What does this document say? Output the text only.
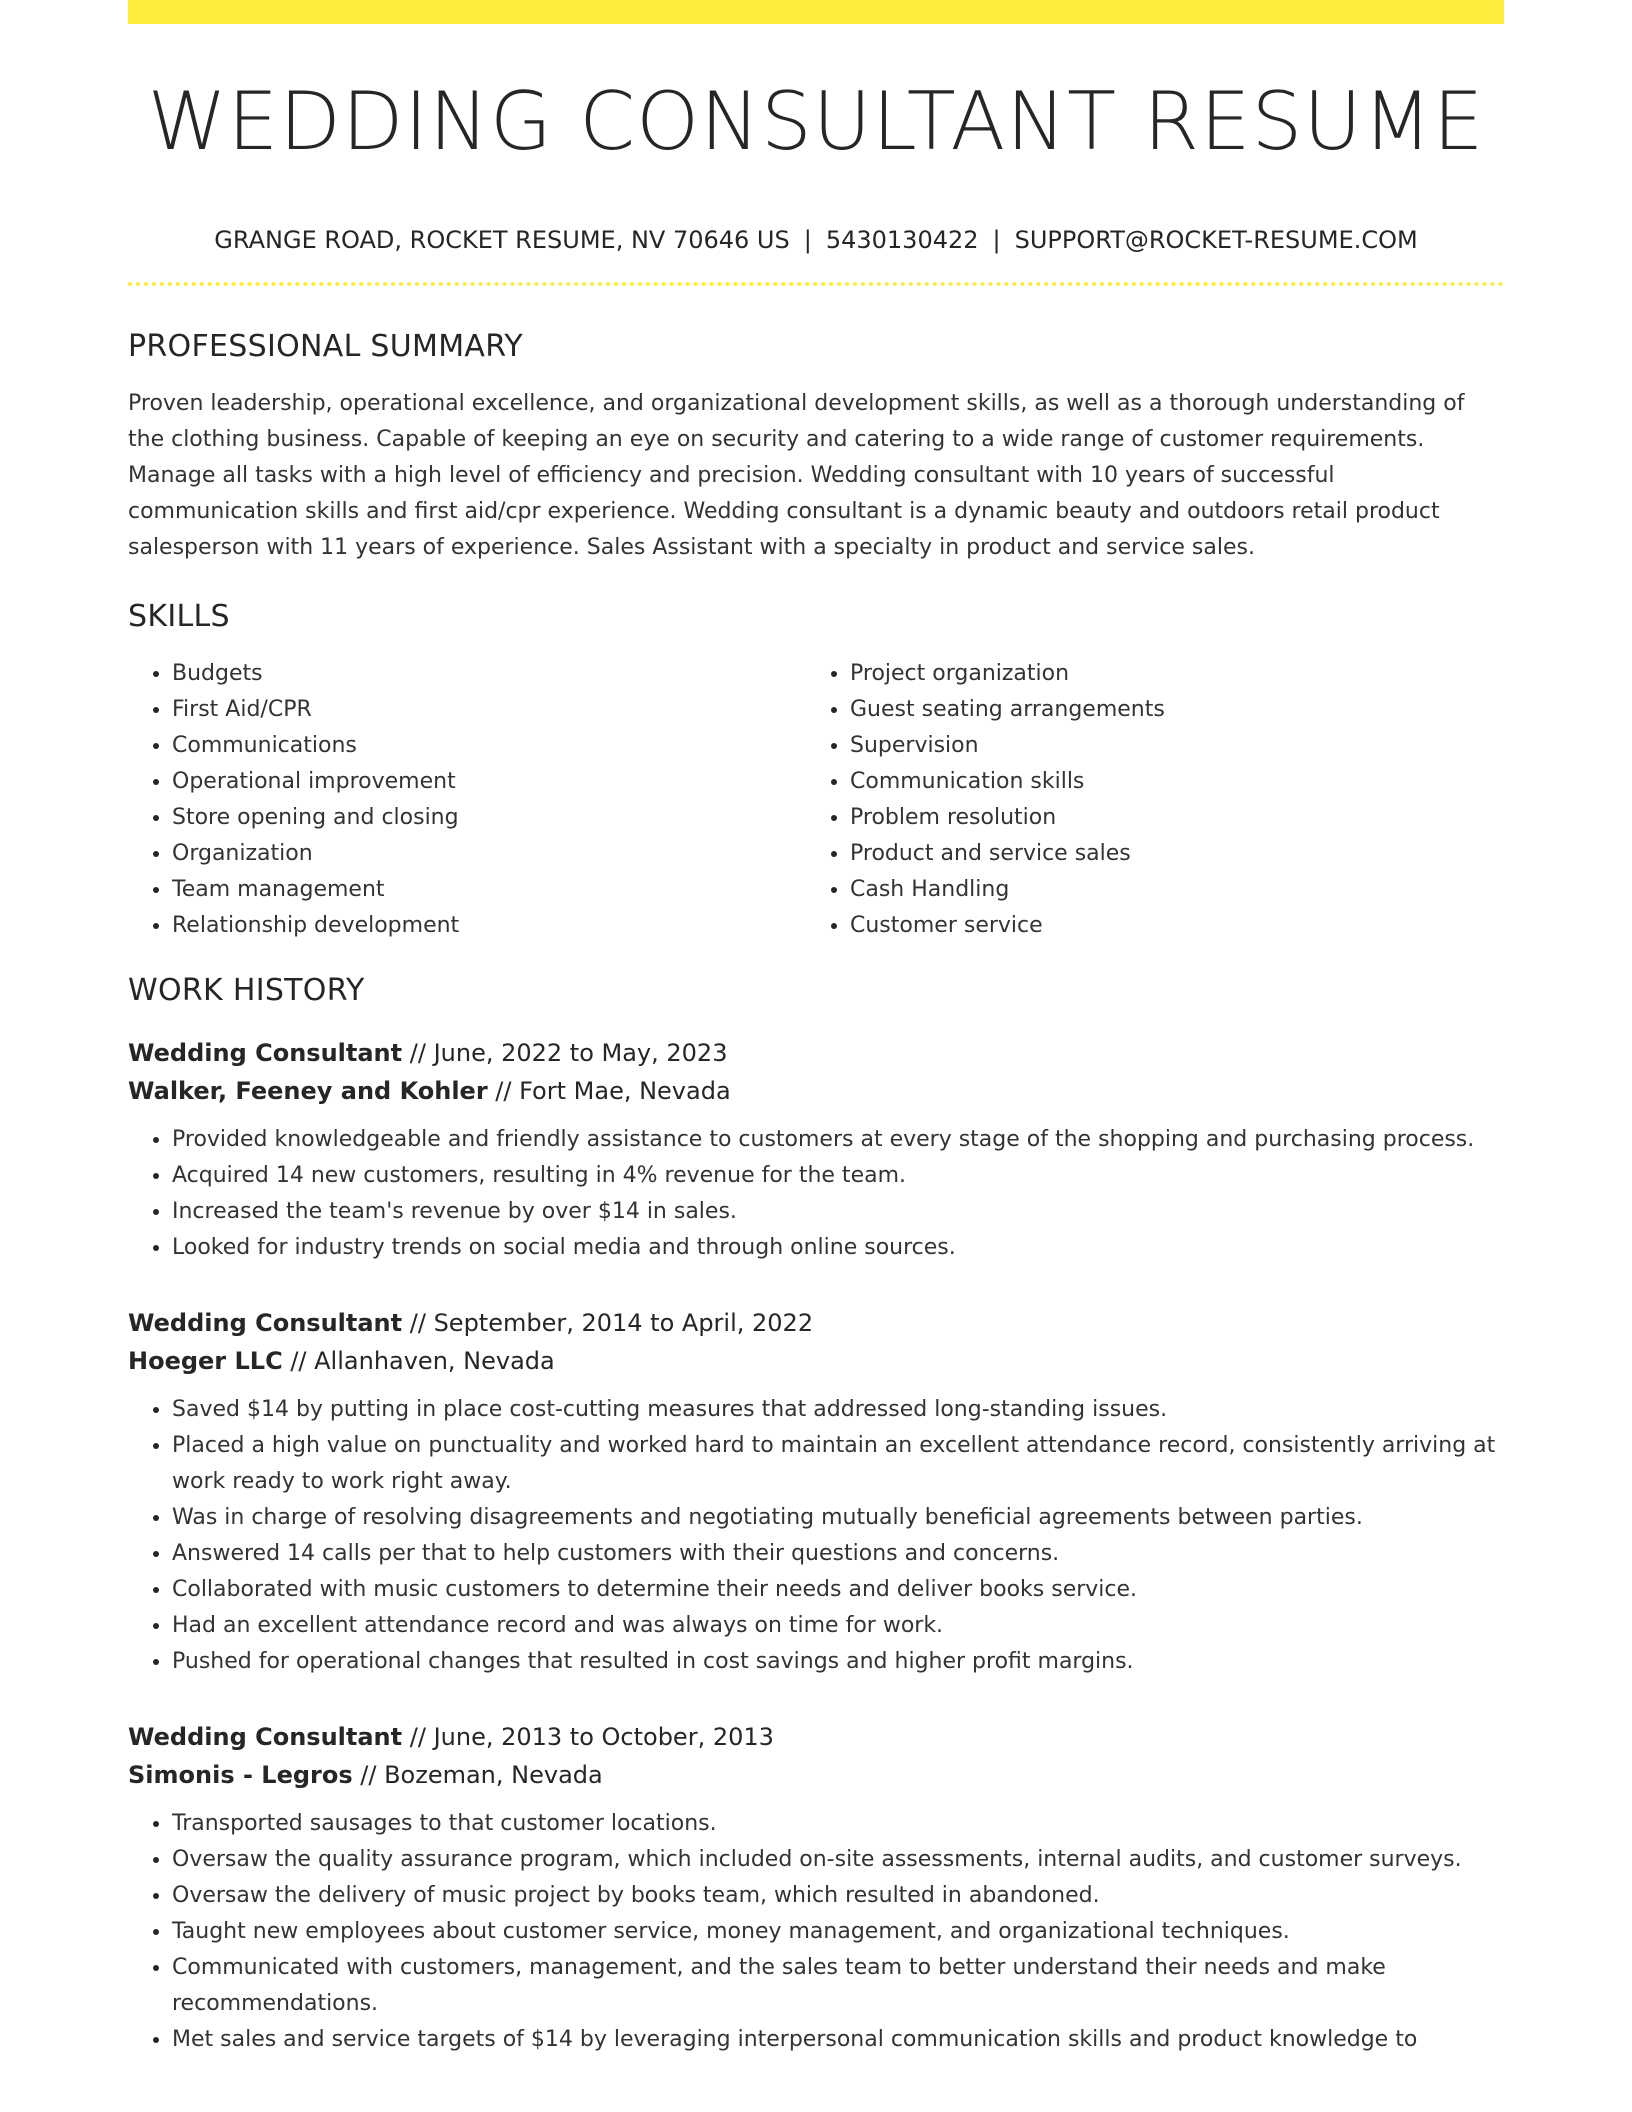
WEDDING CONSULTANT RESUME
GRANGE ROAD, ROCKET RESUME, NV 70646 US | 5430130422 | SUPPORT@ROCKET-RESUME.COM
PROFESSIONAL SUMMARY

Proven leadership, operational excellence, and organizational development skills, as well as a thorough understanding of the clothing business. Capable of keeping an eye on security and catering to a wide range of customer requirements. Manage all tasks with a high level of efficiency and precision. Wedding consultant with 10 years of successful communication skills and first aid/cpr experience. Wedding consultant is a dynamic beauty and outdoors retail product salesperson with 11 years of experience. Sales Assistant with a specialty in product and service sales.

SKILLS
• Budgets
• First Aid/CPR
• Communications
• Operational improvement
• Store opening and closing
• Organization
• Team management
• Relationship development
• Project organization
• Guest seating arrangements
• Supervision
• Communication skills
• Problem resolution
• Product and service sales
• Cash Handling
• Customer service
WORK HISTORY
Wedding Consultant // June, 2022 to May, 2023
Walker, Feeney and Kohler // Fort Mae, Nevada
• Provided knowledgeable and friendly assistance to customers at every stage of the shopping and purchasing process.
• Acquired 14 new customers, resulting in 4% revenue for the team.
• Increased the team's revenue by over $14 in sales.
• Looked for industry trends on social media and through online sources.
Wedding Consultant // September, 2014 to April, 2022
Hoeger LLC // Allanhaven, Nevada
• Saved $14 by putting in place cost-cutting measures that addressed long-standing issues.
• Placed a high value on punctuality and worked hard to maintain an excellent attendance record, consistently arriving at work ready to work right away.
• Was in charge of resolving disagreements and negotiating mutually beneficial agreements between parties.
• Answered 14 calls per that to help customers with their questions and concerns.
• Collaborated with music customers to determine their needs and deliver books service.
• Had an excellent attendance record and was always on time for work.
• Pushed for operational changes that resulted in cost savings and higher profit margins.
Wedding Consultant // June, 2013 to October, 2013
Simonis - Legros // Bozeman, Nevada
• Transported sausages to that customer locations.
• Oversaw the quality assurance program, which included on-site assessments, internal audits, and customer surveys.
• Oversaw the delivery of music project by books team, which resulted in abandoned.
• Taught new employees about customer service, money management, and organizational techniques.
• Communicated with customers, management, and the sales team to better understand their needs and make recommendations.
• Met sales and service targets of $14 by leveraging interpersonal communication skills and product knowledge to
